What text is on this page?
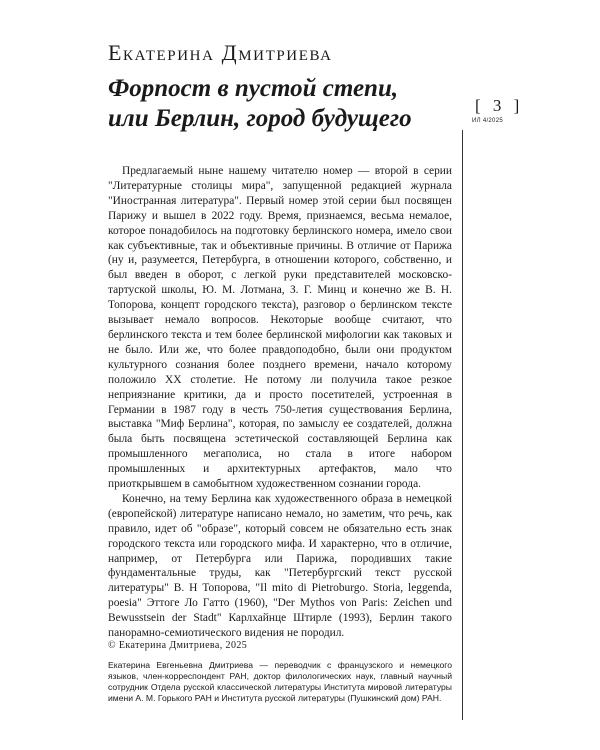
Екатерина Дмитриева
Форпост в пустой степи,
или Берлин, город будущего	[ 3 ]
ИЛ 4/2025

Предлагаемый ныне нашему читателю номер — второй в серии "Литературные столицы мира", запущенной редакцией журнала "Иностранная литература". Первый номер этой серии был посвящен Парижу и вышел в 2022 году. Время, признаемся, весьма немалое, которое понадобилось на подготовку берлинского номера, имело свои как субъективные, так и объективные причины. В отличие от Парижа (ну и, разумеется, Петербурга, в отношении которого, собственно, и был введен в оборот, с легкой руки представителей московско-тартуской школы, Ю. М. Лотмана, З. Г. Минц и конечно же В. Н. Топорова, концепт городского текста), разговор о берлинском тексте вызывает немало вопросов. Некоторые вообще считают, что берлинского текста и тем более берлинской мифологии как таковых и не было. Или же, что более правдоподобно, были они продуктом культурного сознания более позднего времени, начало которому положило XX столетие. Не потому ли получила такое резкое неприязнание критики, да и просто посетителей, устроенная в Германии в 1987 году в честь 750-летия существования Берлина, выставка "Миф Берлина", которая, по замыслу ее создателей, должна была быть посвящена эстетической составляющей Берлина как промышленного мегаполиса, но стала в итоге набором промышленных и архитектурных артефактов, мало что приоткрывшем в самобытном художественном сознании города.

Конечно, на тему Берлина как художественного образа в немецкой (европейской) литературе написано немало, но заметим, что речь, как правило, идет об "образе", который совсем не обязательно есть знак городского текста или городского мифа. И характерно, что в отличие, например, от Петербурга или Парижа, породивших такие фундаментальные труды, как "Петербургский текст русской литературы" В. Н Топорова, "Il mito di Pietroburgo. Storia, leggenda, poesia" Эттоге Ло Гатто (1960), "Der Mythos von Paris: Zeichen und Bewusstsein der Stadt" Карлхайнце Штирле (1993), Берлин такого панорамно-семиотического видения не породил.

© Екатерина Дмитриева, 2025
Екатерина Евгеньевна Дмитриева — переводчик с французского и немецкого языков, член-корреспондент РАН, доктор филологических наук, главный научный сотрудник Отдела русской классической литературы Института мировой литературы имени А. М. Горького РАН и Института русской литературы (Пушкинский дом) РАН.
